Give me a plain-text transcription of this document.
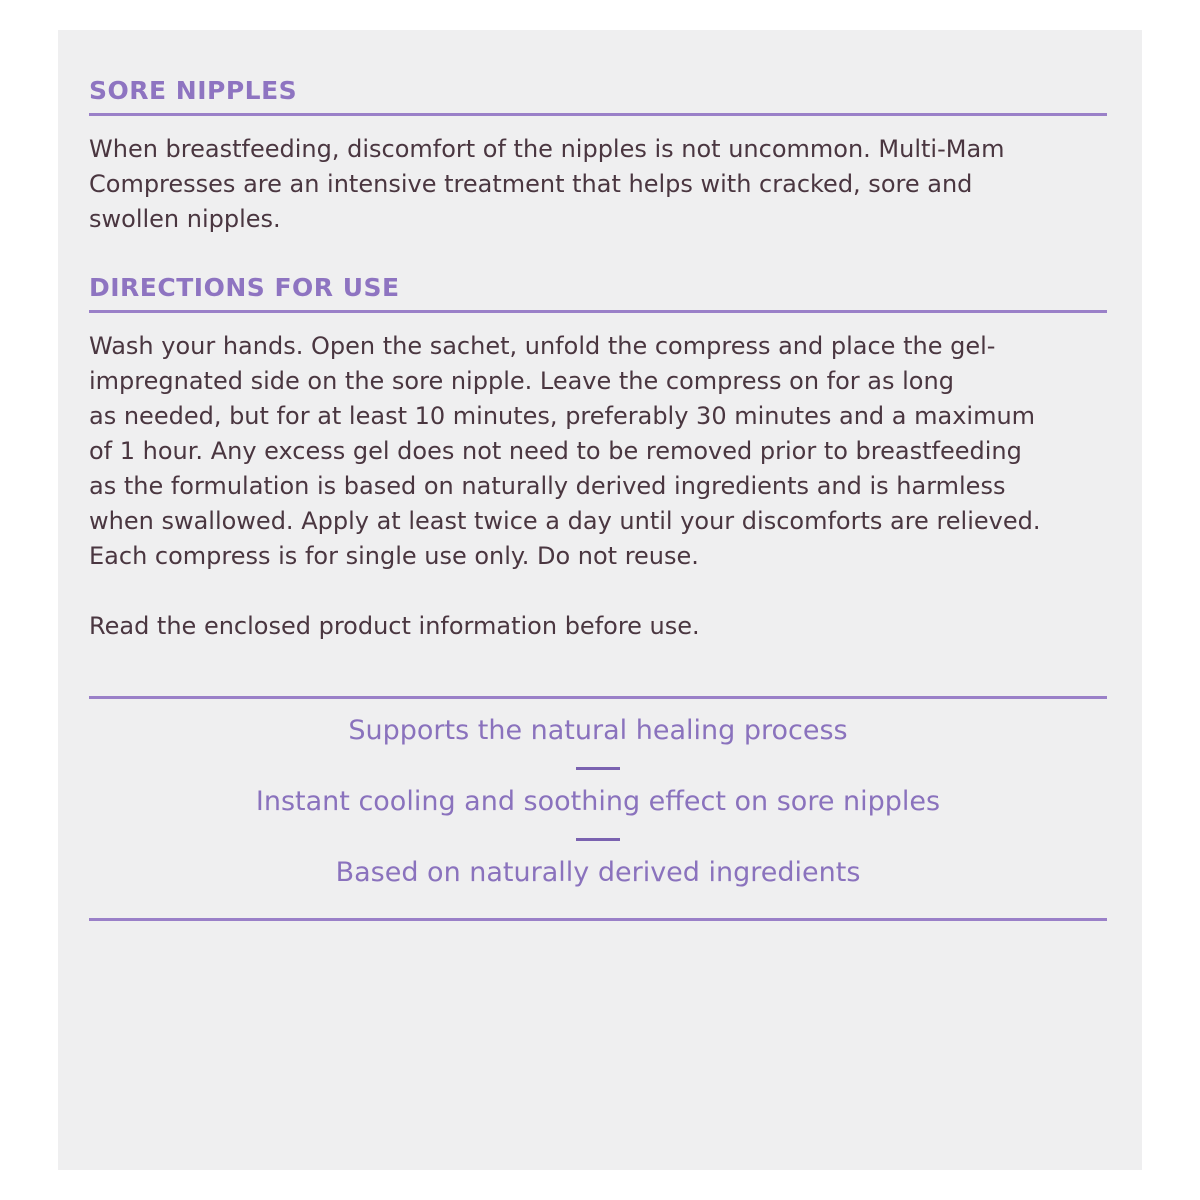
SORE NIPPLES

When breastfeeding, discomfort of the nipples is not uncommon. Multi-Mam
Compresses are an intensive treatment that helps with cracked, sore and
swollen nipples.

DIRECTIONS FOR USE

Wash your hands. Open the sachet, unfold the compress and place the gel-
impregnated side on the sore nipple. Leave the compress on for as long
as needed, but for at least 10 minutes, preferably 30 minutes and a maximum
of 1 hour. Any excess gel does not need to be removed prior to breastfeeding
as the formulation is based on naturally derived ingredients and is harmless
when swallowed. Apply at least twice a day until your discomforts are relieved.
Each compress is for single use only. Do not reuse.

Read the enclosed product information before use.

Supports the natural healing process
Instant cooling and soothing effect on sore nipples
Based on naturally derived ingredients
